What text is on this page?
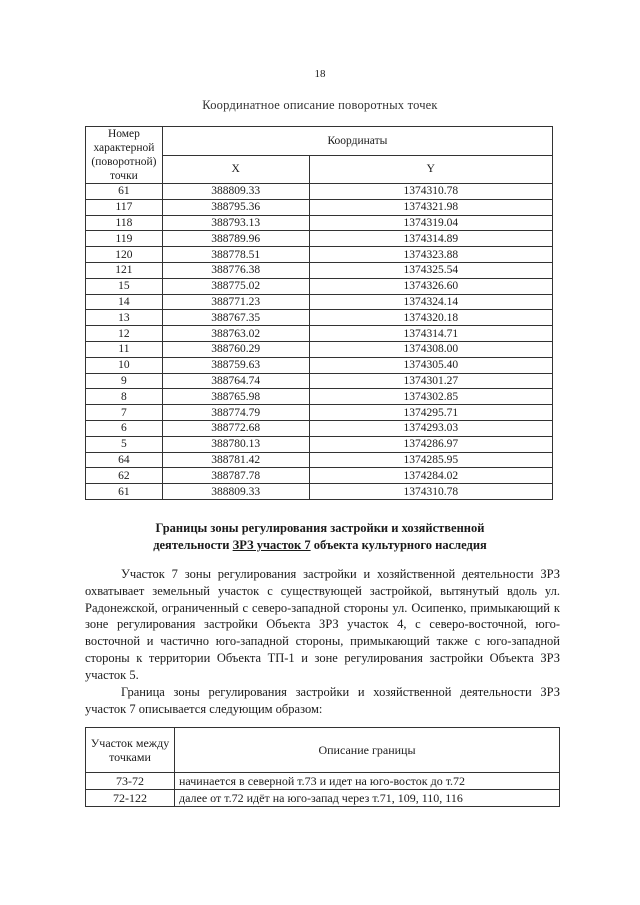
18
Координатное описание поворотных точек
Номер характерной (поворотной) точки	Координаты	
	X	Y
61	388809.33	1374310.78
117	388795.36	1374321.98
118	388793.13	1374319.04
119	388789.96	1374314.89
120	388778.51	1374323.88
121	388776.38	1374325.54
15	388775.02	1374326.60
14	388771.23	1374324.14
13	388767.35	1374320.18
12	388763.02	1374314.71
11	388760.29	1374308.00
10	388759.63	1374305.40
9	388764.74	1374301.27
8	388765.98	1374302.85
7	388774.79	1374295.71
6	388772.68	1374293.03
5	388780.13	1374286.97
64	388781.42	1374285.95
62	388787.78	1374284.02
61	388809.33	1374310.78
Границы зоны регулирования застройки и хозяйственной
деятельности ЗРЗ участок 7 объекта культурного наследия
Участок 7 зоны регулирования застройки и хозяйственной деятельности ЗРЗ охватывает земельный участок с существующей застройкой, вытянутый вдоль ул. Радонежской, ограниченный с северо-западной стороны ул. Осипенко, примыкающий к зоне регулирования застройки Объекта ЗРЗ участок 4, с северо-восточной, юго-восточной и частично юго-западной стороны, примыкающий также с юго-западной стороны к территории Объекта ТП-1 и зоне регулирования застройки Объекта ЗРЗ участок 5.
Граница зоны регулирования застройки и хозяйственной деятельности ЗРЗ участок 7 описывается следующим образом:
Участок между точками	Описание границы
73-72	начинается в северной т.73 и идет на юго-восток до т.72
72-122	далее от т.72 идёт на юго-запад через т.71, 109, 110, 116
